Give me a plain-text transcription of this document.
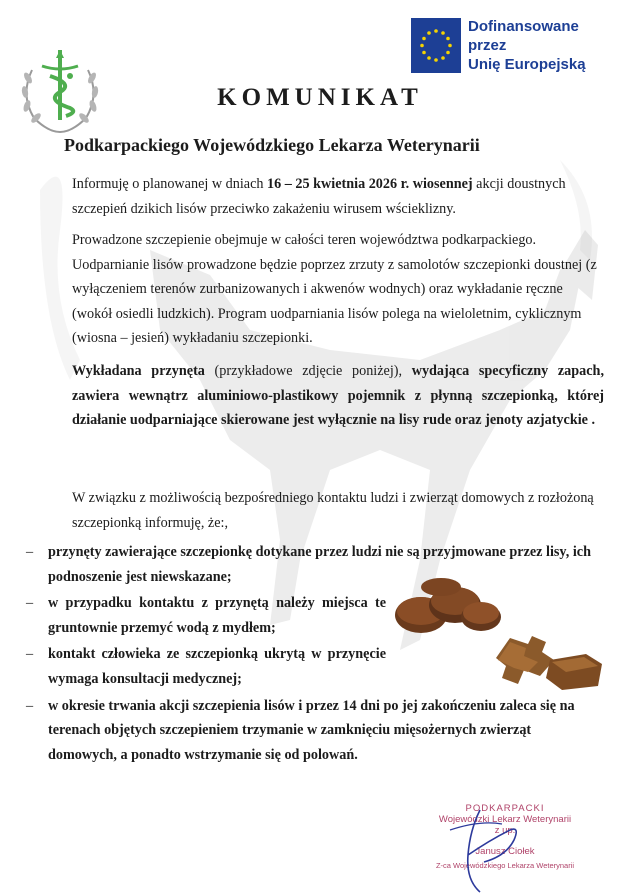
Dofinansowane przez
Unię Europejską
KOMUNIKAT
Podkarpackiego Wojewódzkiego Lekarza Weterynarii
Informuję o planowanej w dniach 16 – 25 kwietnia 2026 r. wiosennej akcji doustnych szczepień dzikich lisów przeciwko zakażeniu wirusem wścieklizny.
Prowadzone szczepienie obejmuje w całości teren województwa podkarpackiego. Uodparnianie lisów prowadzone będzie poprzez zrzuty z samolotów szczepionki doustnej (z wyłączeniem terenów zurbanizowanych i akwenów wodnych) oraz wykładanie ręczne (wokół osiedli ludzkich). Program uodparniania lisów polega na wieloletnim, cyklicznym (wiosna – jesień) wykładaniu szczepionki.
Wykładana przynęta (przykładowe zdjęcie poniżej), wydająca specyficzny zapach, zawiera wewnątrz aluminiowo-plastikowy pojemnik z płynną szczepionką, której działanie uodparniające skierowane jest wyłącznie na lisy rude oraz jenoty azjatyckie .
W związku z możliwością bezpośredniego kontaktu ludzi i zwierząt domowych z rozłożoną szczepionką informuję, że:,
– przynęty zawierające szczepionkę dotykane przez ludzi nie są przyjmowane przez lisy, ich podnoszenie jest niewskazane;
– w przypadku kontaktu z przynętą należy miejsca te gruntownie przemyć wodą z mydłem;
– kontakt człowieka ze szczepionką ukrytą w przynęcie wymaga konsultacji medycznej;
– w okresie trwania akcji szczepienia lisów i przez 14 dni po jej zakończeniu zaleca się na terenach objętych szczepieniem trzymanie w zamknięciu mięsożernych zwierząt domowych, a ponadto wstrzymanie się od polowań.
PODKARPACKI
Wojewódzki Lekarz Weterynarii
z up.
Janusz Ciołek
Z-ca Wojewódzkiego Lekarza Weterynarii
